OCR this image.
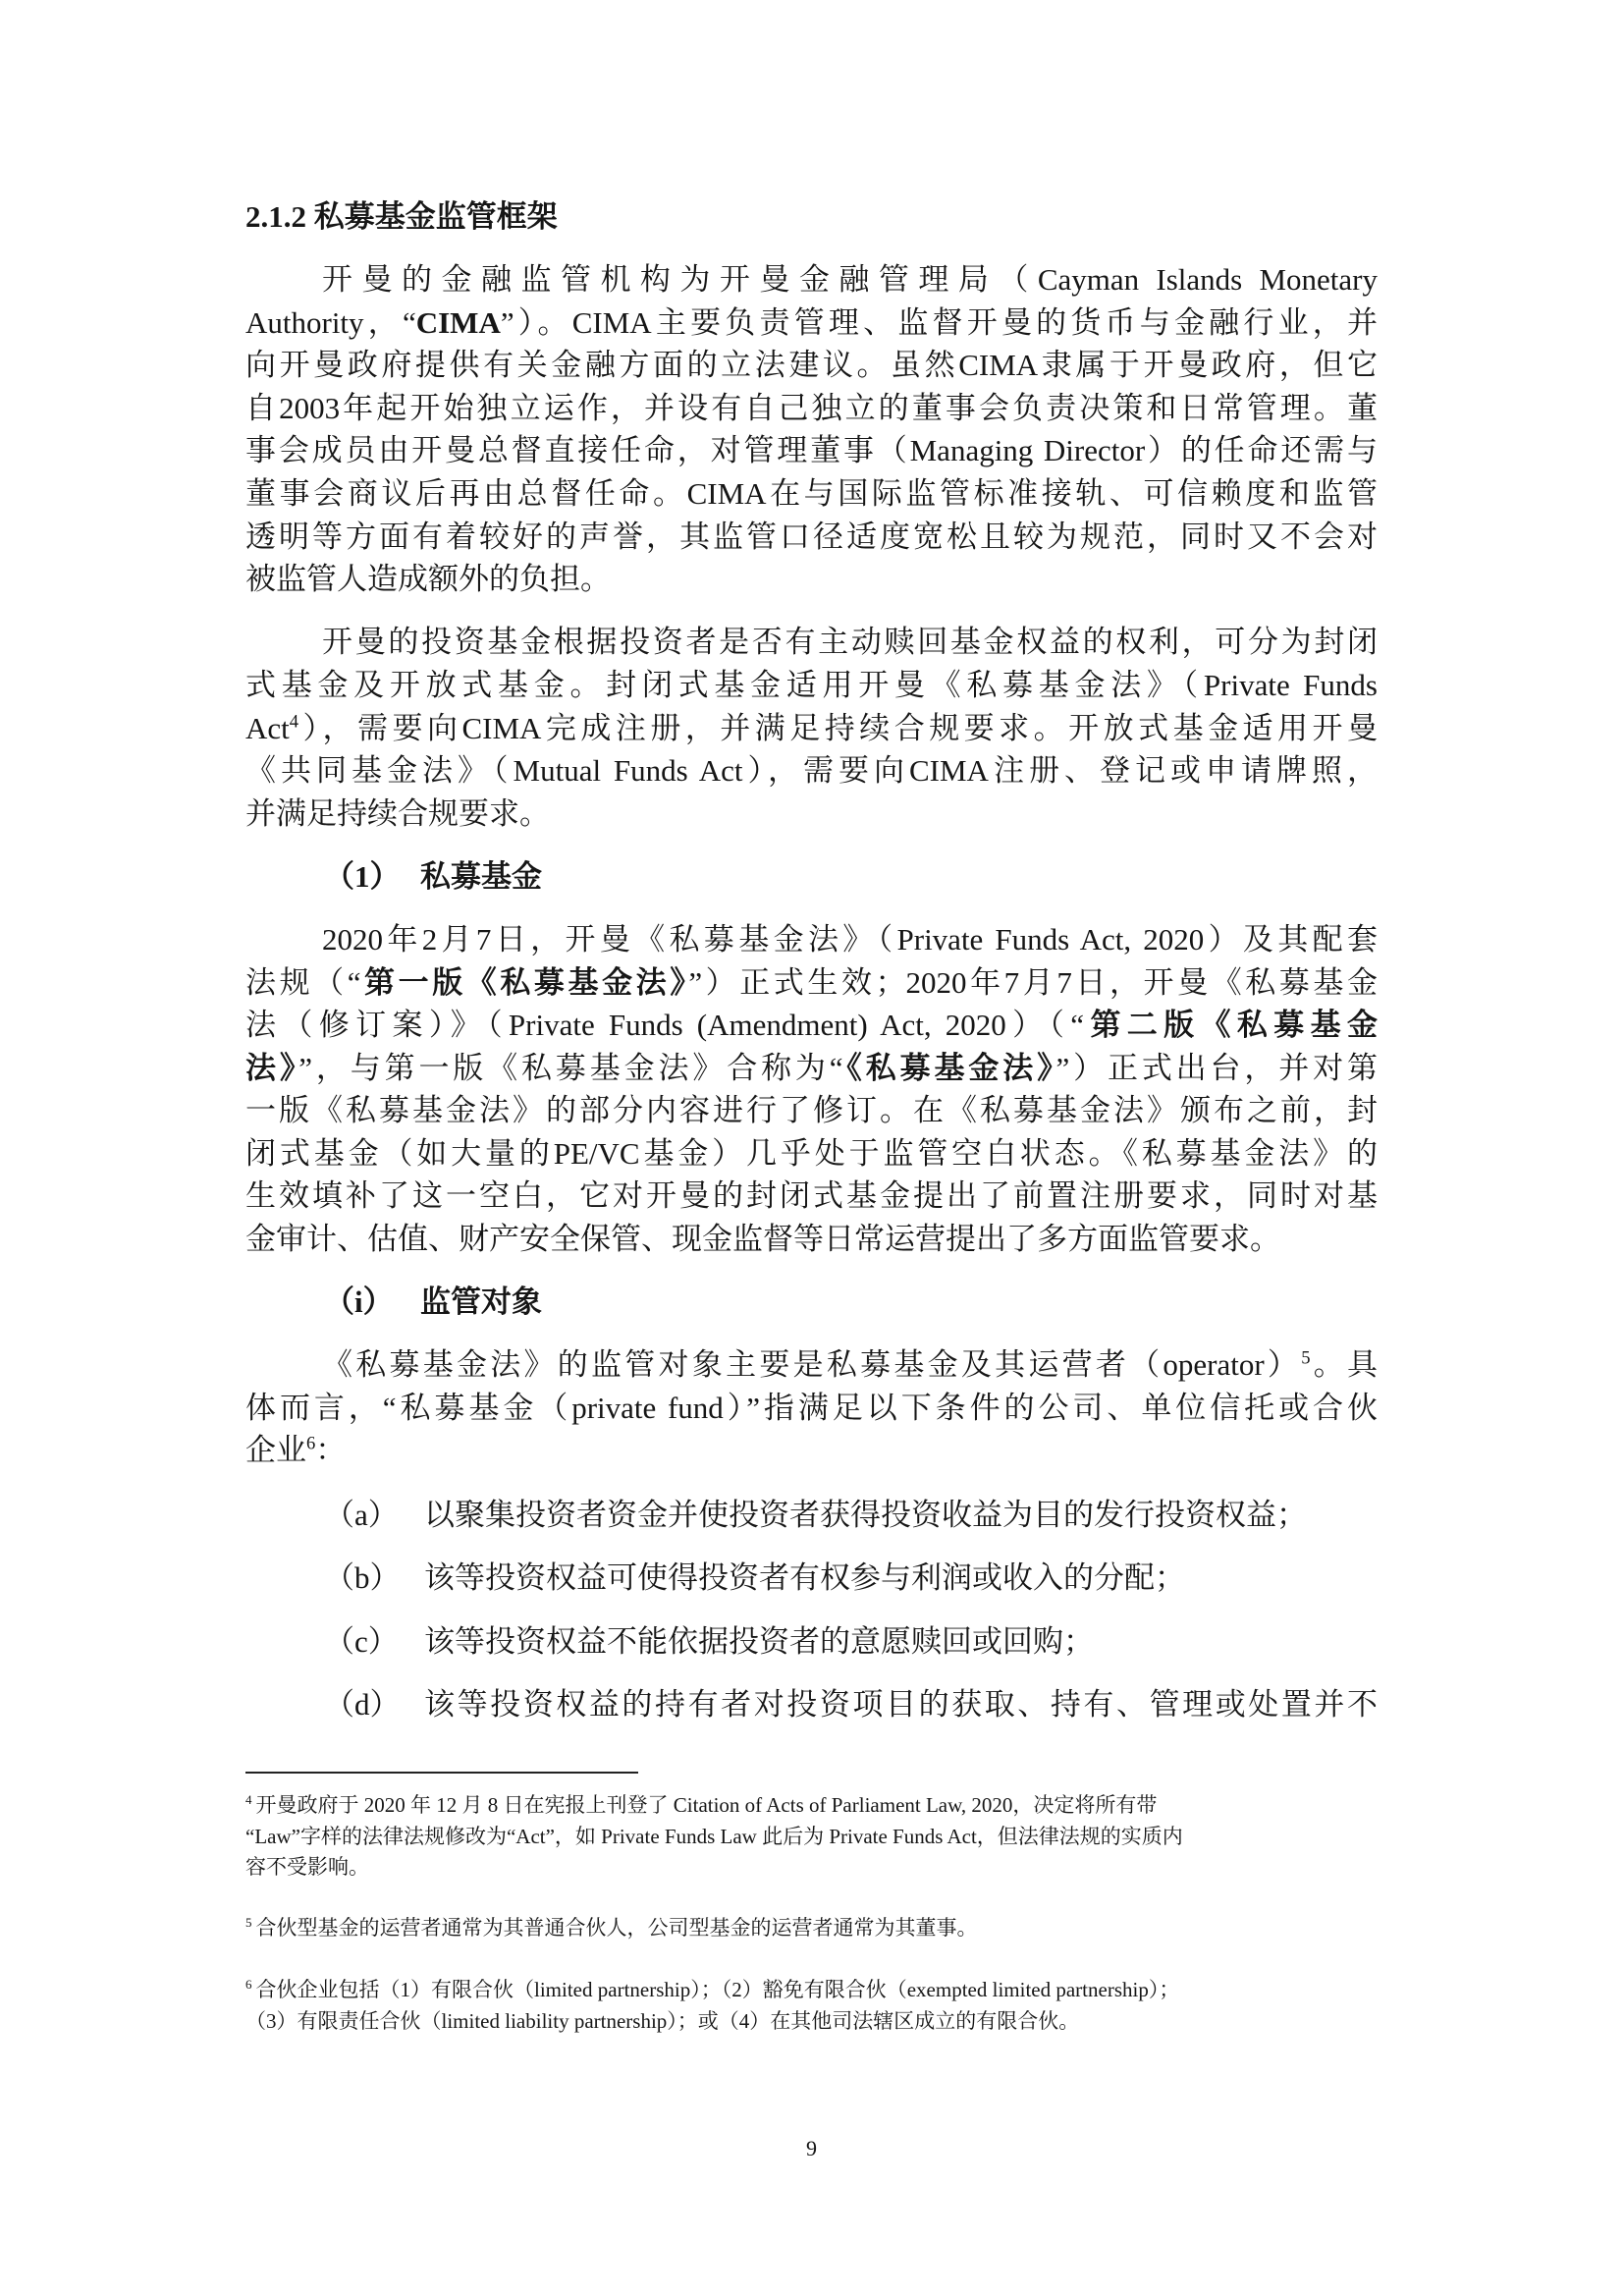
2.1.2 私募基金监管框架
开曼的金融监管机构为开曼金融管理局（Cayman Islands Monetary
Authority，“CIMA”）。CIMA主要负责管理、监督开曼的货币与金融行业，并
向开曼政府提供有关金融方面的立法建议。虽然CIMA隶属于开曼政府，但它
自2003年起开始独立运作，并设有自己独立的董事会负责决策和日常管理。董
事会成员由开曼总督直接任命，对管理董事（Managing Director）的任命还需与
董事会商议后再由总督任命。CIMA在与国际监管标准接轨、可信赖度和监管
透明等方面有着较好的声誉，其监管口径适度宽松且较为规范，同时又不会对
被监管人造成额外的负担。
开曼的投资基金根据投资者是否有主动赎回基金权益的权利，可分为封闭
式基金及开放式基金。封闭式基金适用开曼《私募基金法》（Private Funds
Act$^4$），需要向CIMA完成注册，并满足持续合规要求。开放式基金适用开曼
《共同基金法》（Mutual Funds Act），需要向CIMA注册、登记或申请牌照，
并满足持续合规要求。
（1） 私募基金
2020年2月7日，开曼《私募基金法》（Private Funds Act, 2020）及其配套
法规（“第一版《私募基金法》”）正式生效；2020年7月7日，开曼《私募基金
法（修订案）》（Private Funds (Amendment) Act, 2020）（“第二版《私募基金
法》”，与第一版《私募基金法》合称为“《私募基金法》”）正式出台，并对第
一版《私募基金法》的部分内容进行了修订。在《私募基金法》颁布之前，封
闭式基金（如大量的PE/VC基金）几乎处于监管空白状态。《私募基金法》的
生效填补了这一空白，它对开曼的封闭式基金提出了前置注册要求，同时对基
金审计、估值、财产安全保管、现金监督等日常运营提出了多方面监管要求。
（i） 监管对象
《私募基金法》的监管对象主要是私募基金及其运营者（operator）$^5$。具
体而言，“私募基金（private fund）”指满足以下条件的公司、单位信托或合伙
企业$^6$：
（a） 以聚集投资者资金并使投资者获得投资收益为目的发行投资权益；
（b） 该等投资权益可使得投资者有权参与利润或收入的分配；
（c） 该等投资权益不能依据投资者的意愿赎回或回购；
（d） 该等投资权益的持有者对投资项目的获取、持有、管理或处置并不
$^4$ 开曼政府于 2020 年 12 月 8 日在宪报上刊登了 Citation of Acts of Parliament Law, 2020，决定将所有带
“Law”字样的法律法规修改为“Act”，如 Private Funds Law 此后为 Private Funds Act，但法律法规的实质内
容不受影响。
$^5$ 合伙型基金的运营者通常为其普通合伙人，公司型基金的运营者通常为其董事。
$^6$ 合伙企业包括（1）有限合伙（limited partnership）；（2）豁免有限合伙（exempted limited partnership）；
（3）有限责任合伙（limited liability partnership）；或（4）在其他司法辖区成立的有限合伙。
9
